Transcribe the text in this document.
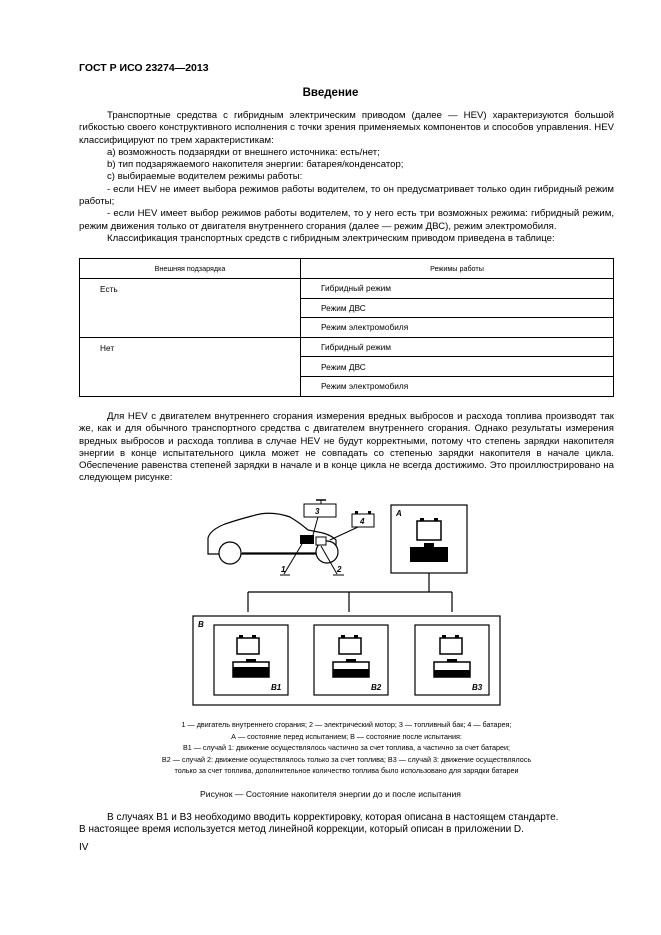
ГОСТ Р ИСО 23274—2013
Введение

Транспортные средства с гибридным электрическим приводом (далее — HEV) характеризуются большой гибкостью своего конструктивного исполнения с точки зрения применяемых компонентов и способов управления. HEV классифицируют по трем характеристикам:

а) возможность подзарядки от внешнего источника: есть/нет;

b) тип подзаряжаемого накопителя энергии: батарея/конденсатор;

с) выбираемые водителем режимы работы:

- если HEV не имеет выбора режимов работы водителем, то он предусматривает только один гибридный режим работы;

- если HEV имеет выбор режимов работы водителем, то у него есть три возможных режима: гибридный режим, режим движения только от двигателя внутреннего сгорания (далее — режим ДВС), режим электромобиля.

Классификация транспортных средств с гибридным электрическим приводом приведена в таблице:

Внешняя подзарядка	Режимы работы
Есть	Гибридный режим
	Режим ДВС
	Режим электромобиля
Нет	Гибридный режим
	Режим ДВС
	Режим электромобиля

Для HEV с двигателем внутреннего сгорания измерения вредных выбросов и расхода топлива производят так же, как и для обычного транспортного средства с двигателем внутреннего сгорания. Однако результаты измерения вредных выбросов и расхода топлива в случае HEV не будут корректными, потому что степень зарядки накопителя энергии в конце испытательного цикла может не совпадать со степенью зарядки накопителя в начале цикла. Обеспечение равенства степеней зарядки в начале и в конце цикла не всегда достижимо. Это проиллюстрировано на следующем рисунке:

3
4
1	2
A
B
B1	B2	B3
1 — двигатель внутреннего сгорания; 2 — электрический мотор; 3 — топливный бак; 4 — батарея;
А — состояние перед испытанием; В — состояние после испытания:
В1 — случай 1: движение осуществлялось частично за счет топлива, а частично за счет батареи;
В2 — случай 2: движение осуществлялось только за счет топлива; В3 — случай 3: движение осуществлялось
только за счет топлива, дополнительное количество топлива было использовано для зарядки батареи
Рисунок — Состояние накопителя энергии до и после испытания

В случаях В1 и В3 необходимо вводить корректировку, которая описана в настоящем стандарте.

В настоящее время используется метод линейной коррекции, который описан в приложении D.

IV
